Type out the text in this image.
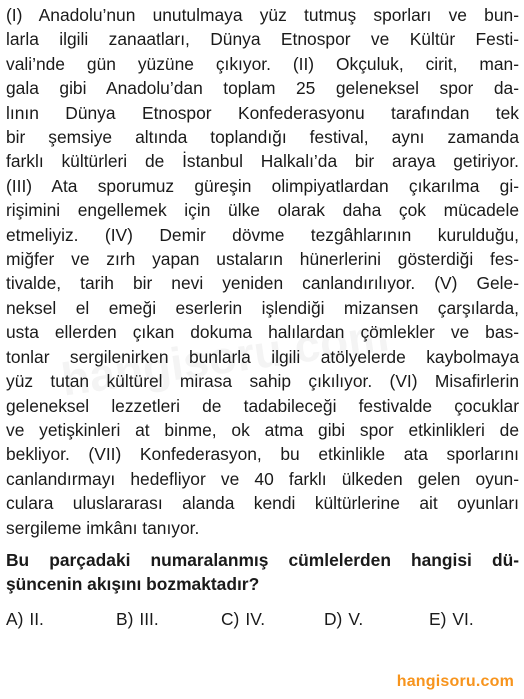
(I) Anadolu’nun unutulmaya yüz tutmuş sporları ve bun-
larla ilgili zanaatları, Dünya Etnospor ve Kültür Festi-
vali’nde gün yüzüne çıkıyor. (II) Okçuluk, cirit, man-
gala gibi Anadolu’dan toplam 25 geleneksel spor da-
lının Dünya Etnospor Konfederasyonu tarafından tek
bir şemsiye altında toplandığı festival, aynı zamanda
farklı kültürleri de İstanbul Halkalı’da bir araya getiriyor.
(III) Ata sporumuz güreşin olimpiyatlardan çıkarılma gi-
rişimini engellemek için ülke olarak daha çok mücadele
etmeliyiz. (IV) Demir dövme tezgâhlarının kurulduğu,
miğfer ve zırh yapan ustaların hünerlerini gösterdiği fes-
tivalde, tarih bir nevi yeniden canlandırılıyor. (V) Gele-
neksel el emeği eserlerin işlendiği mizansen çarşılarda,
usta ellerden çıkan dokuma halılardan çömlekler ve bas-
tonlar sergilenirken bunlarla ilgili atölyelerde kaybolmaya
yüz tutan kültürel mirasa sahip çıkılıyor. (VI) Misafirlerin
geleneksel lezzetleri de tadabileceği festivalde çocuklar
ve yetişkinleri at binme, ok atma gibi spor etkinlikleri de
bekliyor. (VII) Konfederasyon, bu etkinlikle ata sporlarını
canlandırmayı hedefliyor ve 40 farklı ülkeden gelen oyun-
culara uluslararası alanda kendi kültürlerine ait oyunları
sergileme imkânı tanıyor.
Bu parçadaki numaralanmış cümlelerden hangisi dü-
şüncenin akışını bozmaktadır?
A) II.	B) III.	C) IV.	D) V.	E) VI.
hangisoru.com
